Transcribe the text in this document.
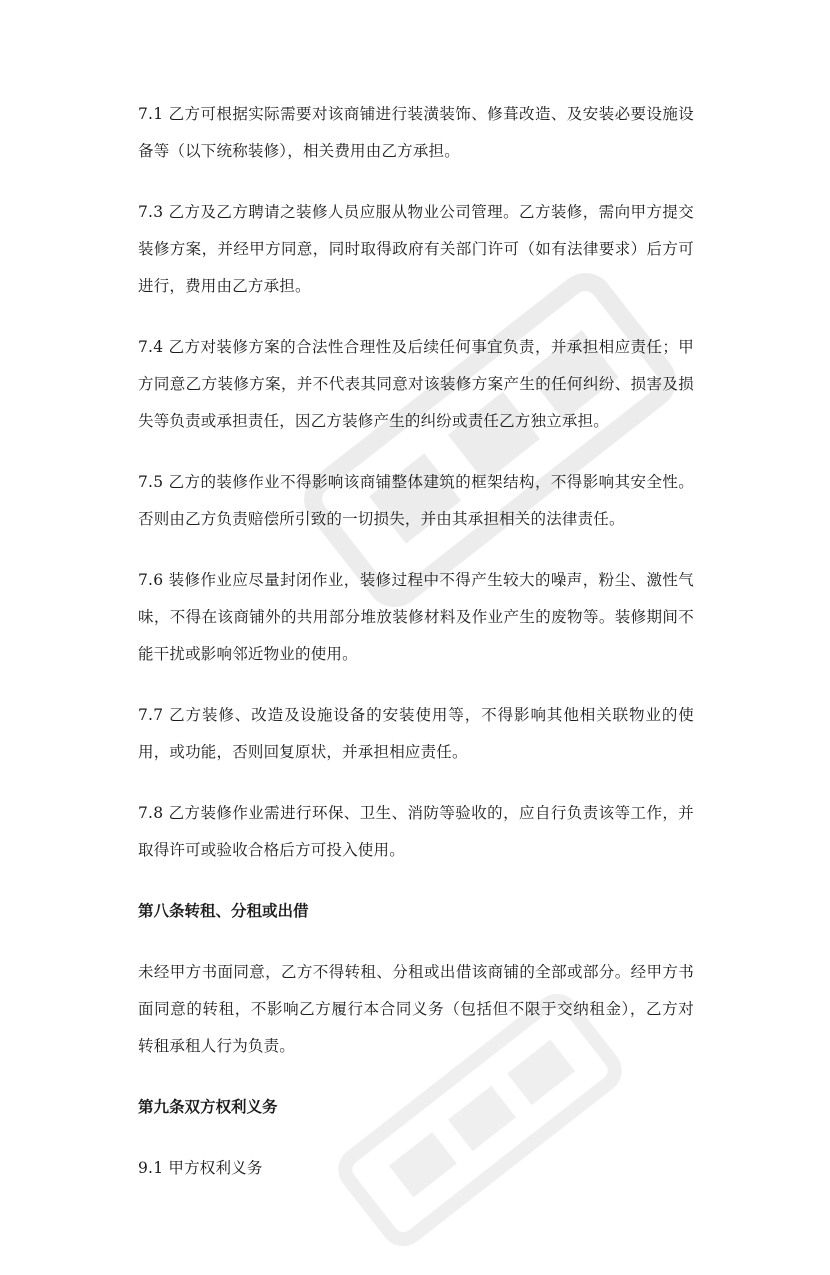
7.1 乙方可根据实际需要对该商铺进行装潢装饰、修葺改造、及安装必要设施设备等（以下统称装修），相关费用由乙方承担。

7.3 乙方及乙方聘请之装修人员应服从物业公司管理。乙方装修，需向甲方提交装修方案，并经甲方同意，同时取得政府有关部门许可（如有法律要求）后方可进行，费用由乙方承担。

7.4 乙方对装修方案的合法性合理性及后续任何事宜负责，并承担相应责任；甲方同意乙方装修方案，并不代表其同意对该装修方案产生的任何纠纷、损害及损失等负责或承担责任，因乙方装修产生的纠纷或责任乙方独立承担。

7.5 乙方的装修作业不得影响该商铺整体建筑的框架结构，不得影响其安全性。否则由乙方负责赔偿所引致的一切损失，并由其承担相关的法律责任。

7.6 装修作业应尽量封闭作业，装修过程中不得产生较大的噪声，粉尘、激性气味，不得在该商铺外的共用部分堆放装修材料及作业产生的废物等。装修期间不能干扰或影响邻近物业的使用。

7.7 乙方装修、改造及设施设备的安装使用等，不得影响其他相关联物业的使用，或功能，否则回复原状，并承担相应责任。

7.8 乙方装修作业需进行环保、卫生、消防等验收的，应自行负责该等工作，并取得许可或验收合格后方可投入使用。

第八条转租、分租或出借

未经甲方书面同意，乙方不得转租、分租或出借该商铺的全部或部分。经甲方书面同意的转租，不影响乙方履行本合同义务（包括但不限于交纳租金），乙方对转租承租人行为负责。

第九条双方权利义务

9.1 甲方权利义务
